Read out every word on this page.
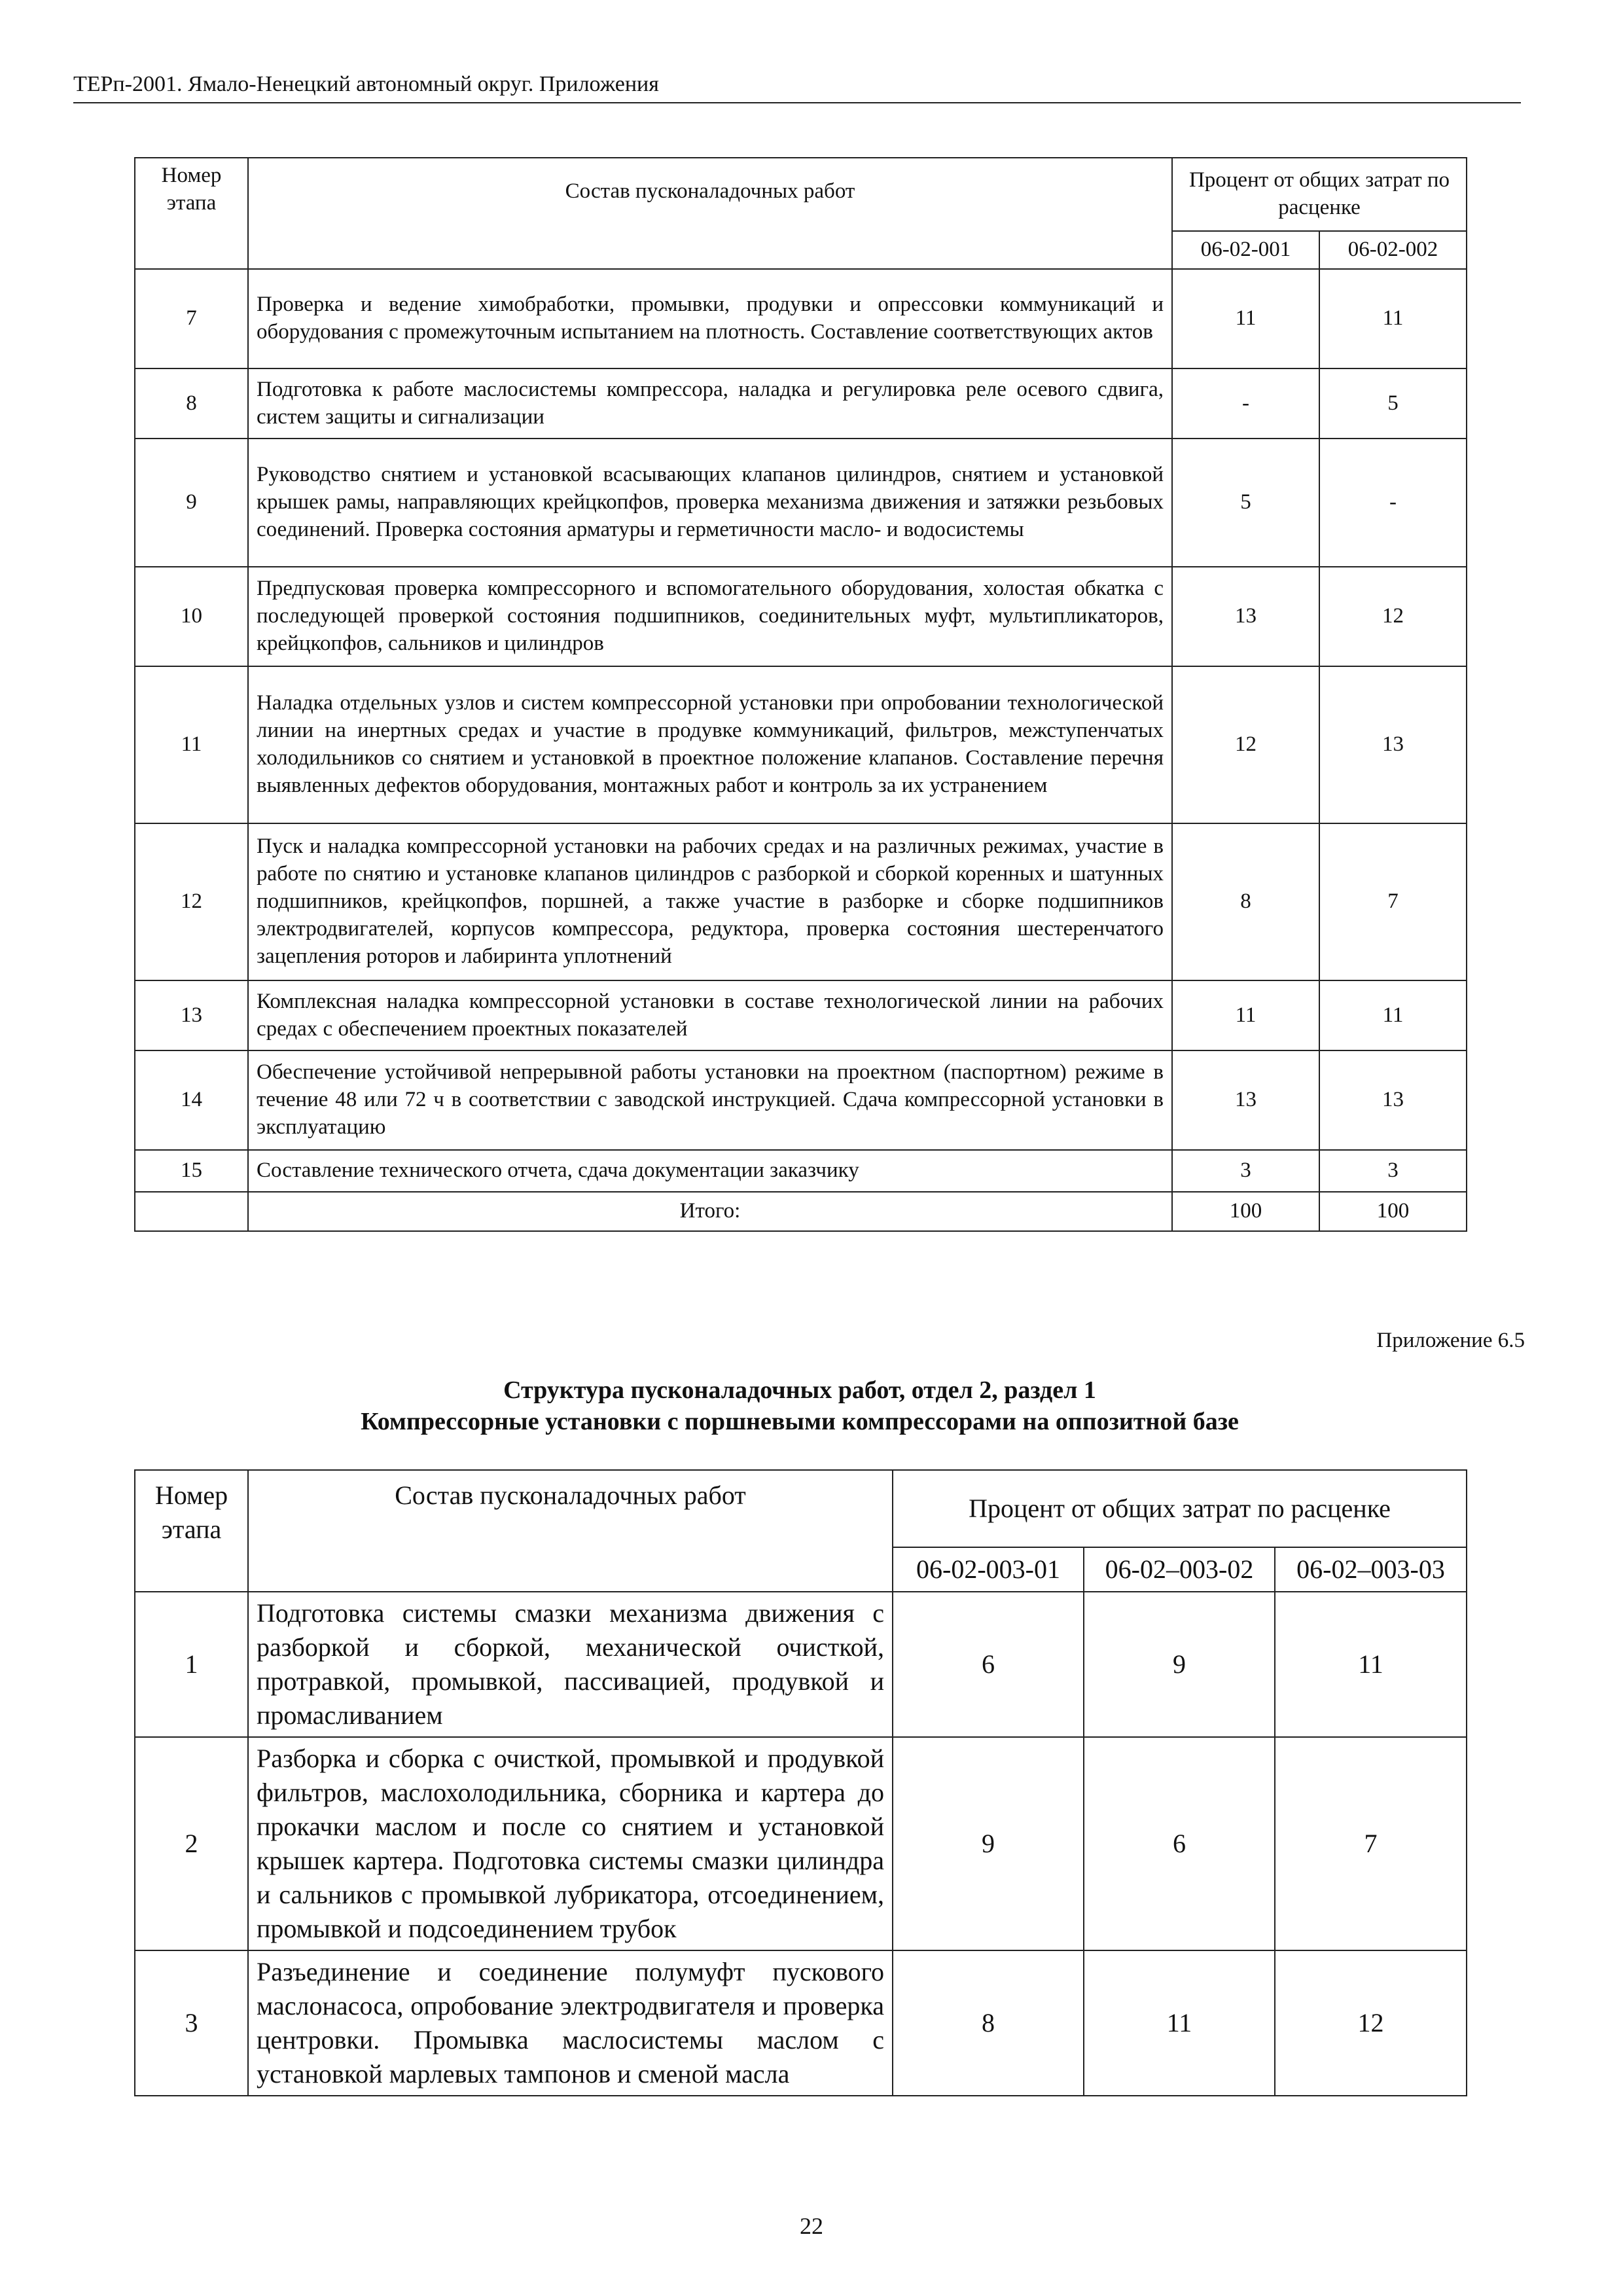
ТЕРп-2001. Ямало-Ненецкий автономный округ. Приложения
Номер этапа	Состав пусконаладочных работ	Процент от общих затрат по расценке	
		06-02-001	06-02-002
7	Проверка и ведение химобработки, промывки, продувки и опрессовки коммуникаций и оборудования с промежуточным испытанием на плотность. Составление соответствующих актов	11	11
8	Подготовка к работе маслосистемы компрессора, наладка и регулировка реле осевого сдвига, систем защиты и сигнализации	-	5
9	Руководство снятием и установкой всасывающих клапанов цилиндров, снятием и установкой крышек рамы, направляющих крейцкопфов, проверка механизма движения и затяжки резьбовых соединений. Проверка состояния арматуры и герметичности масло- и водосистемы	5	-
10	Предпусковая проверка компрессорного и вспомогательного оборудования, холостая обкатка с последующей проверкой состояния подшипников, соединительных муфт, мультипликаторов, крейцкопфов, сальников и цилиндров	13	12
11	Наладка отдельных узлов и систем компрессорной установки при опробовании технологической линии на инертных средах и участие в продувке коммуникаций, фильтров, межступенчатых холодильников со снятием и установкой в проектное положение клапанов. Составление перечня выявленных дефектов оборудования, монтажных работ и контроль за их устранением	12	13
12	Пуск и наладка компрессорной установки на рабочих средах и на различных режимах, участие в работе по снятию и установке клапанов цилиндров с разборкой и сборкой коренных и шатунных подшипников, крейцкопфов, поршней, а также участие в разборке и сборке подшипников электродвигателей, корпусов компрессора, редуктора, проверка состояния шестеренчатого зацепления роторов и лабиринта уплотнений	8	7
13	Комплексная наладка компрессорной установки в составе технологической линии на рабочих средах с обеспечением проектных показателей	11	11
14	Обеспечение устойчивой непрерывной работы установки на проектном (паспортном) режиме в течение 48 или 72 ч в соответствии с заводской инструкцией. Сдача компрессорной установки в эксплуатацию	13	13
15	Составление технического отчета, сдача документации заказчику	3	3
	Итого:	100	100
Приложение 6.5
Структура пусконаладочных работ, отдел 2, раздел 1
Компрессорные установки с поршневыми компрессорами на оппозитной базе
Номер этапа	Состав пусконаладочных работ	Процент от общих затрат по расценке		
		06-02-003-01	06-02–003-02	06-02–003-03
1	Подготовка системы смазки механизма движения с разборкой и сборкой, механической очисткой, протравкой, промывкой, пассивацией, продувкой и промасливанием	6	9	11
2	Разборка и сборка с очисткой, промывкой и продувкой фильтров, маслохолодильника, сборника и картера до прокачки маслом и после со снятием и установкой крышек картера. Подготовка системы смазки цилиндра и сальников с промывкой лубрикатора, отсоединением, промывкой и подсоединением трубок	9	6	7
3	Разъединение и соединение полумуфт пускового маслонасоса, опробование электродвигателя и проверка центровки. Промывка маслосистемы маслом с установкой марлевых тампонов и сменой масла	8	11	12
22
